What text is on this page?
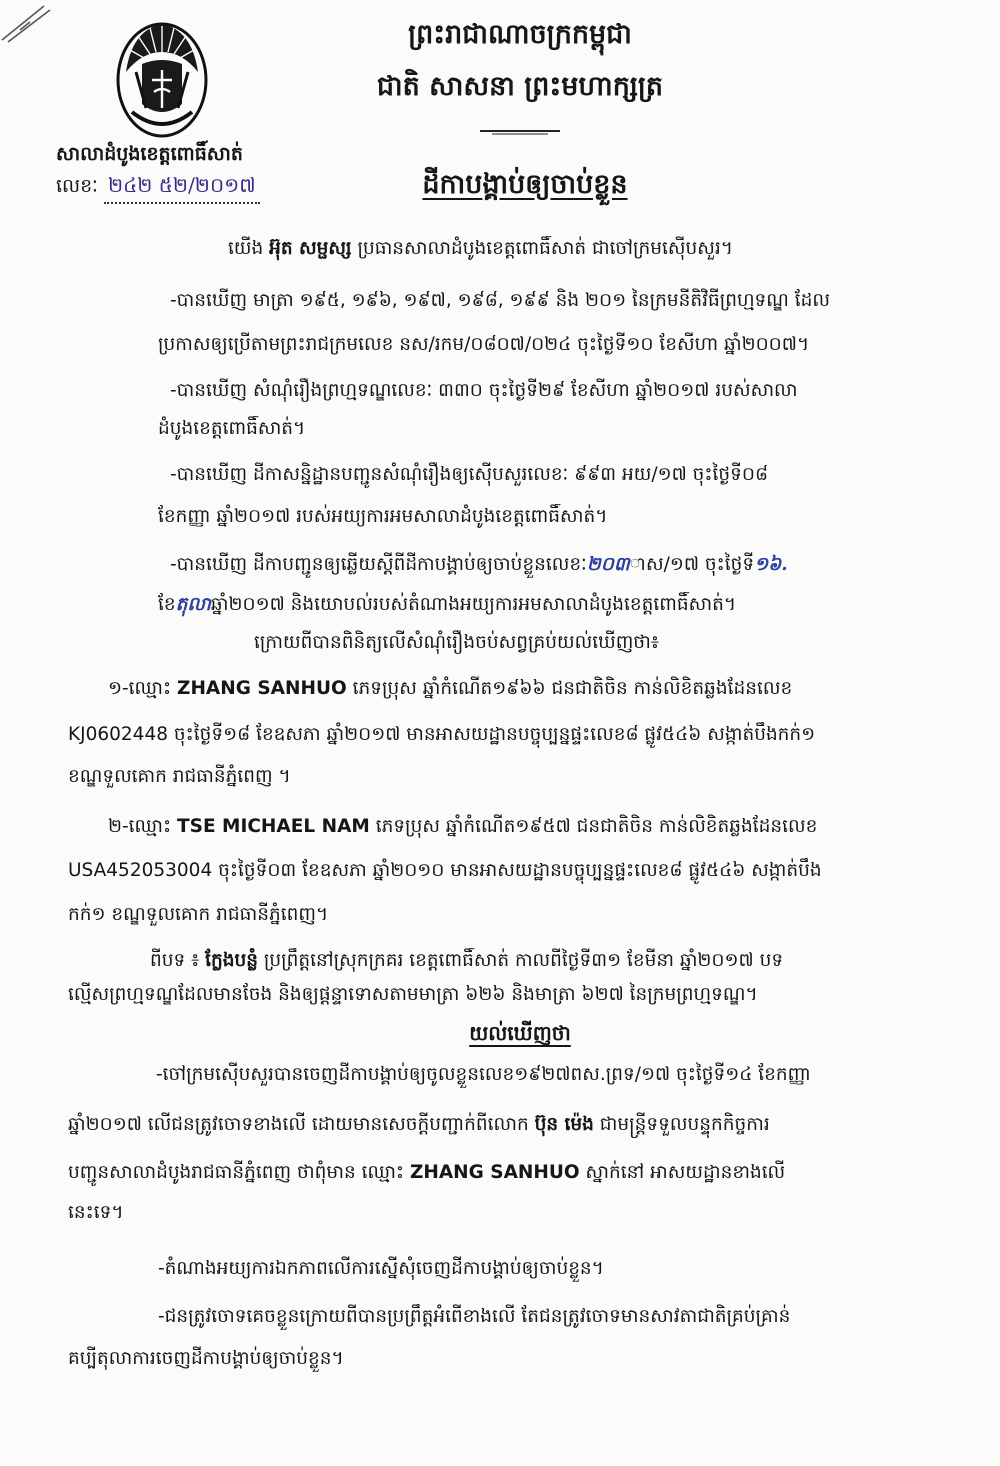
ព្រះរាជាណាចក្រកម្ពុជា
ជាតិ សាសនា ព្រះមហាក្សត្រ
សាលាដំបូងខេត្តពោធិ៍សាត់
លេខៈ ២៤២ ៥២/២០១៧	ដីកាបង្គាប់ឲ្យចាប់ខ្លួន
យើង អ៊ុត សម្ផស្ស ប្រធានសាលាដំបូងខេត្តពោធិ៍សាត់ ជាចៅក្រមស៊ើបសួរ។
-បានឃើញ មាត្រា ១៩៥, ១៩៦, ១៩៧, ១៩៨, ១៩៩ និង ២០១ នៃក្រមនីតិវិធីព្រហ្មទណ្ឌ ដែល
ប្រកាសឲ្យប្រើតាមព្រះរាជក្រមលេខ នស/រកម/០៨០៧/០២៤ ចុះថ្ងៃទី១០ ខែសីហា ឆ្នាំ២០០៧។
-បានឃើញ សំណុំរឿងព្រហ្មទណ្ឌលេខៈ ៣៣០ ចុះថ្ងៃទី២៩ ខែសីហា ឆ្នាំ២០១៧ របស់សាលា
ដំបូងខេត្តពោធិ៍សាត់។
-បានឃើញ ដីកាសន្និដ្ឋានបញ្ជូនសំណុំរឿងឲ្យស៊ើបសួរលេខៈ ៩៩៣ អយ/១៧ ចុះថ្ងៃទី០៨
ខែកញ្ញា ឆ្នាំ២០១៧ របស់អយ្យការអមសាលាដំបូងខេត្តពោធិ៍សាត់។
-បានឃើញ ដីកាបញ្ជូនឲ្យឆ្លើយស្តីពីដីកាបង្គាប់ឲ្យចាប់ខ្លួនលេខៈ២០៣ាស/១៧ ចុះថ្ងៃទី១៦.
ខែតុលាឆ្នាំ២០១៧ និងយោបល់របស់តំណាងអយ្យការអមសាលាដំបូងខេត្តពោធិ៍សាត់។
ក្រោយពីបានពិនិត្យលើសំណុំរឿងចប់សព្វគ្រប់យល់ឃើញថា៖
១-ឈ្មោះ ZHANG SANHUO ភេទប្រុស ឆ្នាំកំណើត១៩៦៦ ជនជាតិចិន កាន់លិខិតឆ្លងដែនលេខ
KJ0602448 ចុះថ្ងៃទី១៨ ខែឧសភា ឆ្នាំ២០១៧ មានអាសយដ្ឋានបច្ចុប្បន្នផ្ទះលេខ៨ ផ្លូវ៥៤៦ សង្កាត់បឹងកក់១
ខណ្ឌទួលគោក រាជធានីភ្នំពេញ ។
២-ឈ្មោះ TSE MICHAEL NAM ភេទប្រុស ឆ្នាំកំណើត១៩៥៧ ជនជាតិចិន កាន់លិខិតឆ្លងដែនលេខ
USA452053004 ចុះថ្ងៃទី០៣ ខែឧសភា ឆ្នាំ២០១០ មានអាសយដ្ឋានបច្ចុប្បន្នផ្ទះលេខ៨ ផ្លូវ៥៤៦ សង្កាត់បឹង
កក់១ ខណ្ឌទួលគោក រាជធានីភ្នំពេញ។
ពីបទ ៖ ក្លែងបន្លំ ប្រព្រឹត្តនៅស្រុកក្រគរ ខេត្តពោធិ៍សាត់ កាលពីថ្ងៃទី៣១ ខែមីនា ឆ្នាំ២០១៧ បទ
ល្មើសព្រហ្មទណ្ឌដែលមានចែង និងឲ្យផ្ដន្ទាទោសតាមមាត្រា ៦២៦ និងមាត្រា ៦២៧ នៃក្រមព្រហ្មទណ្ឌ។
យល់ឃើញថា
-ចៅក្រមស៊ើបសួរបានចេញដីកាបង្គាប់ឲ្យចូលខ្លួនលេខ១៩២៧ពស.ព្រទ/១៧ ចុះថ្ងៃទី១៤ ខែកញ្ញា
ឆ្នាំ២០១៧ លើជនត្រូវចោទខាងលើ ដោយមានសេចក្តីបញ្ជាក់ពីលោក ប៊ុន ម៉េង ជាមន្ត្រីទទួលបន្ទុកកិច្ចការ
បញ្ជូនសាលាដំបូងរាជធានីភ្នំពេញ ថាពុំមាន ឈ្មោះ ZHANG SANHUO ស្នាក់នៅ អាសយដ្ឋានខាងលើ
នេះទេ។
-តំណាងអយ្យការឯកភាពលើការស្នើសុំចេញដីកាបង្គាប់ឲ្យចាប់ខ្លួន។
-ជនត្រូវចោទគេចខ្លួនក្រោយពីបានប្រព្រឹត្តអំពើខាងលើ តែជនត្រូវចោទមានសាវតាជាតិគ្រប់គ្រាន់
គប្បីតុលាការចេញដីកាបង្គាប់ឲ្យចាប់ខ្លួន។
